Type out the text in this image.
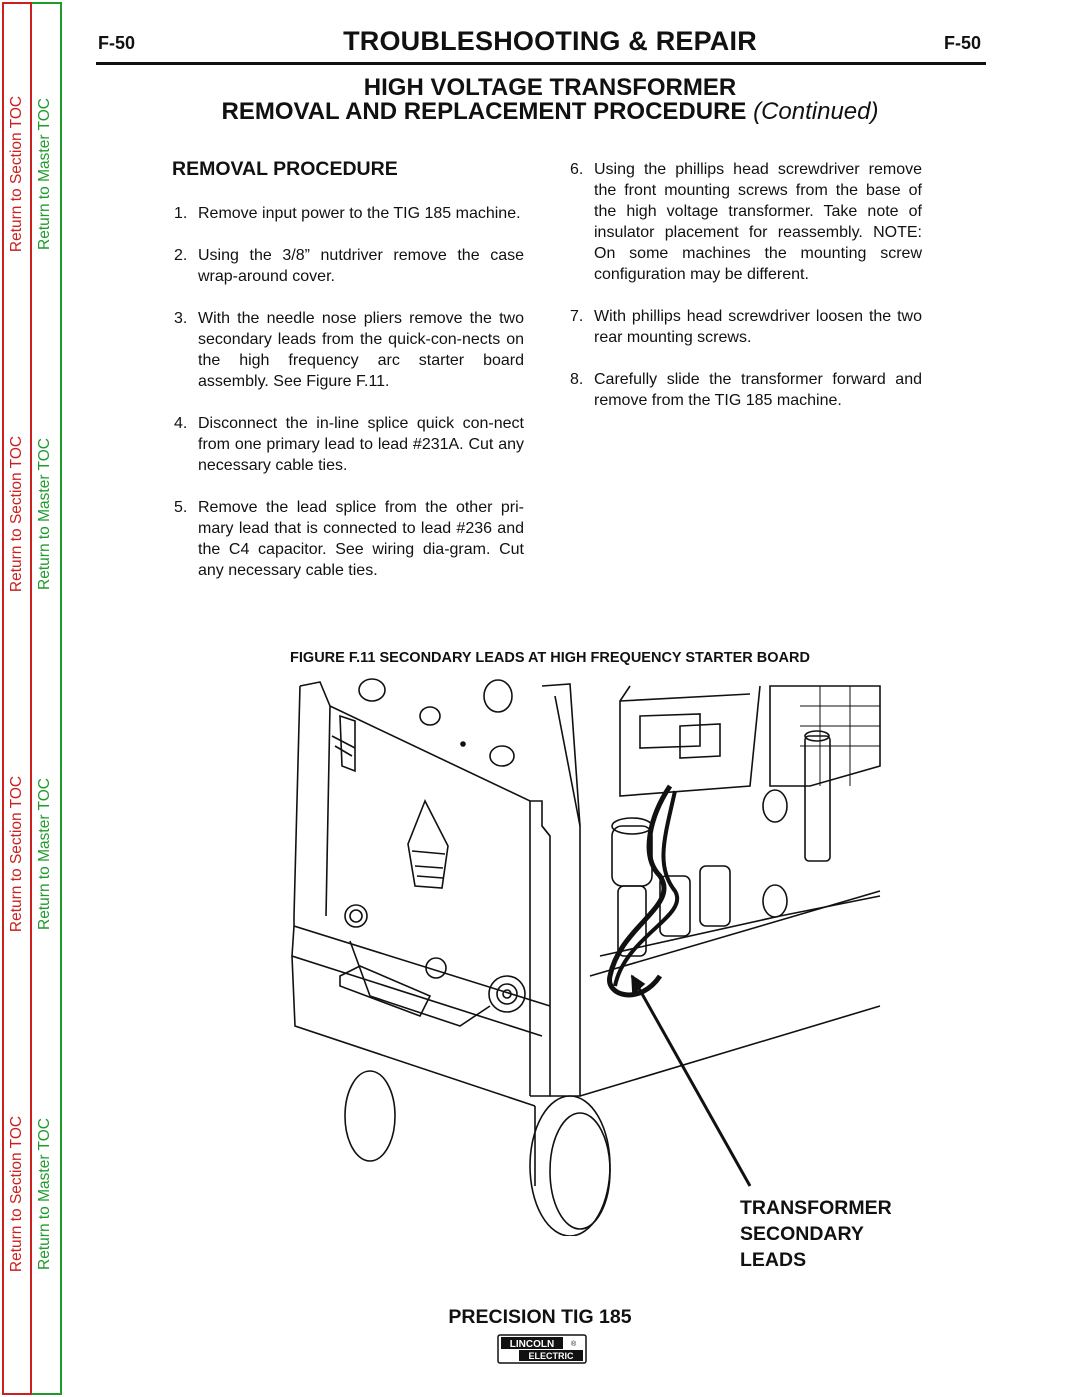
Return to Section TOC
Return to Section TOC
Return to Section TOC
Return to Section TOC
Return to Master TOC
Return to Master TOC
Return to Master TOC
Return to Master TOC
F-50	TROUBLESHOOTING & REPAIR	F-50
HIGH VOLTAGE TRANSFORMER
REMOVAL AND REPLACEMENT PROCEDURE (Continued)
REMOVAL PROCEDURE
1. Remove input power to the TIG 185 machine.
2. Using the 3/8” nutdriver remove the case wrap-around cover.
3. With the needle nose pliers remove the two secondary leads from the quick-con-nects on the high frequency arc starter board assembly. See Figure F.11.
4. Disconnect the in-line splice quick con-nect from one primary lead to lead #231A. Cut any necessary cable ties.
5. Remove the lead splice from the other pri-mary lead that is connected to lead #236 and the C4 capacitor. See wiring dia-gram. Cut any necessary cable ties.
6. Using the phillips head screwdriver remove the front mounting screws from the base of the high voltage transformer. Take note of insulator placement for reassembly. NOTE: On some machines the mounting screw configuration may be different.
7. With phillips head screwdriver loosen the two rear mounting screws.
8. Carefully slide the transformer forward and remove from the TIG 185 machine.
FIGURE F.11 SECONDARY LEADS AT HIGH FREQUENCY STARTER BOARD
TRANSFORMER
SECONDARY
LEADS
PRECISION TIG 185
LINCOLN ®
ELECTRIC
